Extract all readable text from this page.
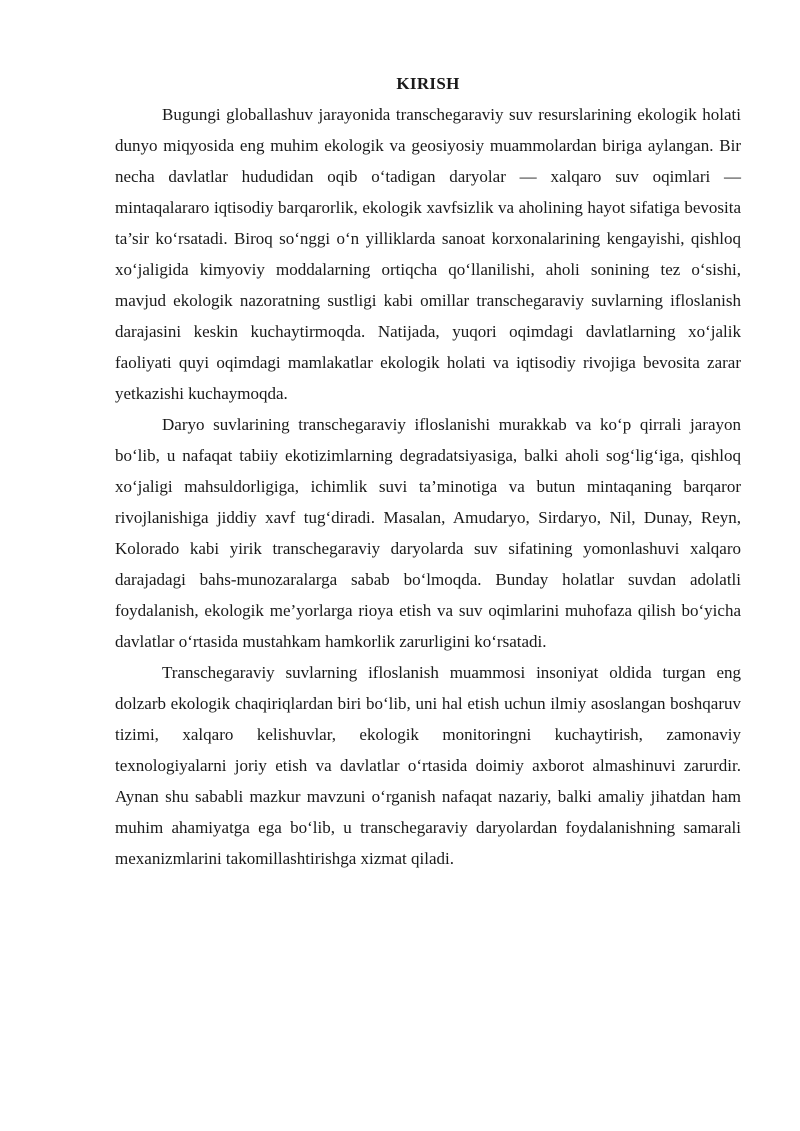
KIRISH

Bugungi globallashuv jarayonida transchegaraviy suv resurslarining ekologik holati dunyo miqyosida eng muhim ekologik va geosiyosiy muammolardan biriga aylangan. Bir necha davlatlar hududidan oqib o‘tadigan daryolar — xalqaro suv oqimlari — mintaqalararo iqtisodiy barqarorlik, ekologik xavfsizlik va aholining hayot sifatiga bevosita ta’sir ko‘rsatadi. Biroq so‘nggi o‘n yilliklarda sanoat korxonalarining kengayishi, qishloq xo‘jaligida kimyoviy moddalarning ortiqcha qo‘llanilishi, aholi sonining tez o‘sishi, mavjud ekologik nazoratning sustligi kabi omillar transchegaraviy suvlarning ifloslanish darajasini keskin kuchaytirmoqda. Natijada, yuqori oqimdagi davlatlarning xo‘jalik faoliyati quyi oqimdagi mamlakatlar ekologik holati va iqtisodiy rivojiga bevosita zarar yetkazishi kuchaymoqda.

Daryo suvlarining transchegaraviy ifloslanishi murakkab va ko‘p qirrali jarayon bo‘lib, u nafaqat tabiiy ekotizimlarning degradatsiyasiga, balki aholi sog‘lig‘iga, qishloq xo‘jaligi mahsuldorligiga, ichimlik suvi ta’minotiga va butun mintaqaning barqaror rivojlanishiga jiddiy xavf tug‘diradi. Masalan, Amudaryo, Sirdaryo, Nil, Dunay, Reyn, Kolorado kabi yirik transchegaraviy daryolarda suv sifatining yomonlashuvi xalqaro darajadagi bahs-munozaralarga sabab bo‘lmoqda. Bunday holatlar suvdan adolatli foydalanish, ekologik me’yorlarga rioya etish va suv oqimlarini muhofaza qilish bo‘yicha davlatlar o‘rtasida mustahkam hamkorlik zarurligini ko‘rsatadi.

Transchegaraviy suvlarning ifloslanish muammosi insoniyat oldida turgan eng dolzarb ekologik chaqiriqlardan biri bo‘lib, uni hal etish uchun ilmiy asoslangan boshqaruv tizimi, xalqaro kelishuvlar, ekologik monitoringni kuchaytirish, zamonaviy texnologiyalarni joriy etish va davlatlar o‘rtasida doimiy axborot almashinuvi zarurdir. Aynan shu sababli mazkur mavzuni o‘rganish nafaqat nazariy, balki amaliy jihatdan ham muhim ahamiyatga ega bo‘lib, u transchegaraviy daryolardan foydalanishning samarali mexanizmlarini takomillashtirishga xizmat qiladi.
